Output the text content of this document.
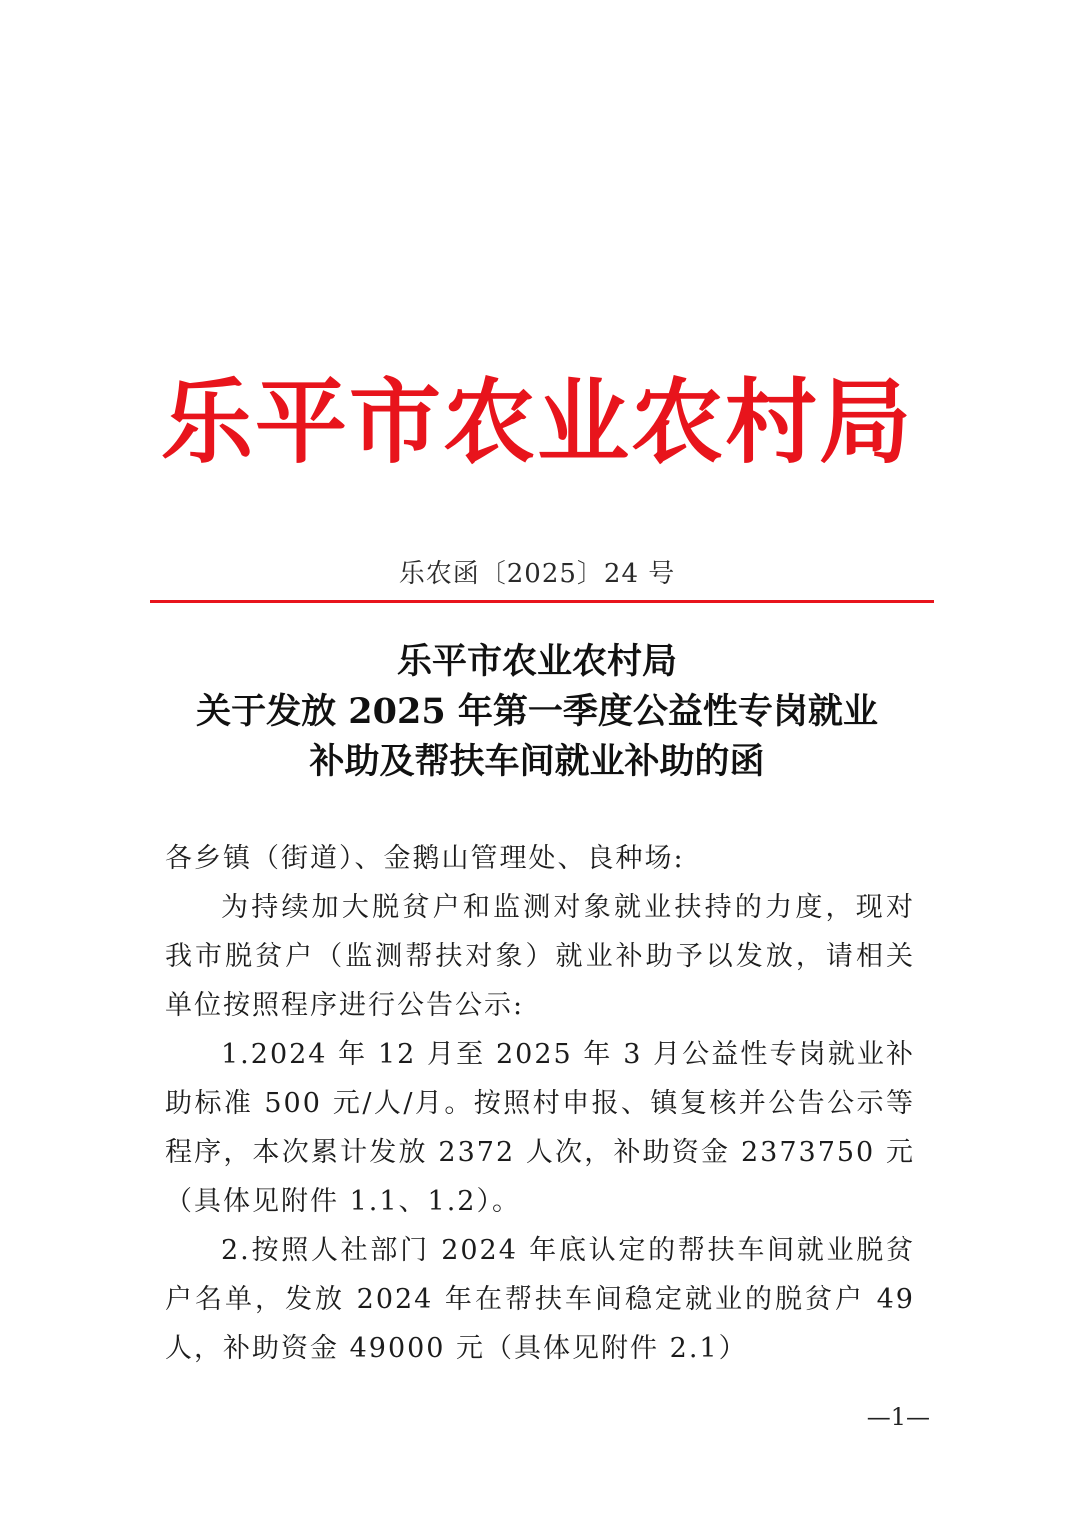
乐平市农业农村局
乐农函〔2025〕24 号
乐平市农业农村局
关于发放 2025 年第一季度公益性专岗就业
补助及帮扶车间就业补助的函

各乡镇（街道）、金鹅山管理处、良种场:

为持续加大脱贫户和监测对象就业扶持的力度，现对我市脱贫户（监测帮扶对象）就业补助予以发放，请相关单位按照程序进行公告公示:

1.2024 年 12 月至 2025 年 3 月公益性专岗就业补助标准 500 元/人/月。按照村申报、镇复核并公告公示等程序，本次累计发放 2372 人次，补助资金 2373750 元（具体见附件 1.1、1.2）。

2.按照人社部门 2024 年底认定的帮扶车间就业脱贫户名单，发放 2024 年在帮扶车间稳定就业的脱贫户 49 人，补助资金 49000 元（具体见附件 2.1）

—1—
